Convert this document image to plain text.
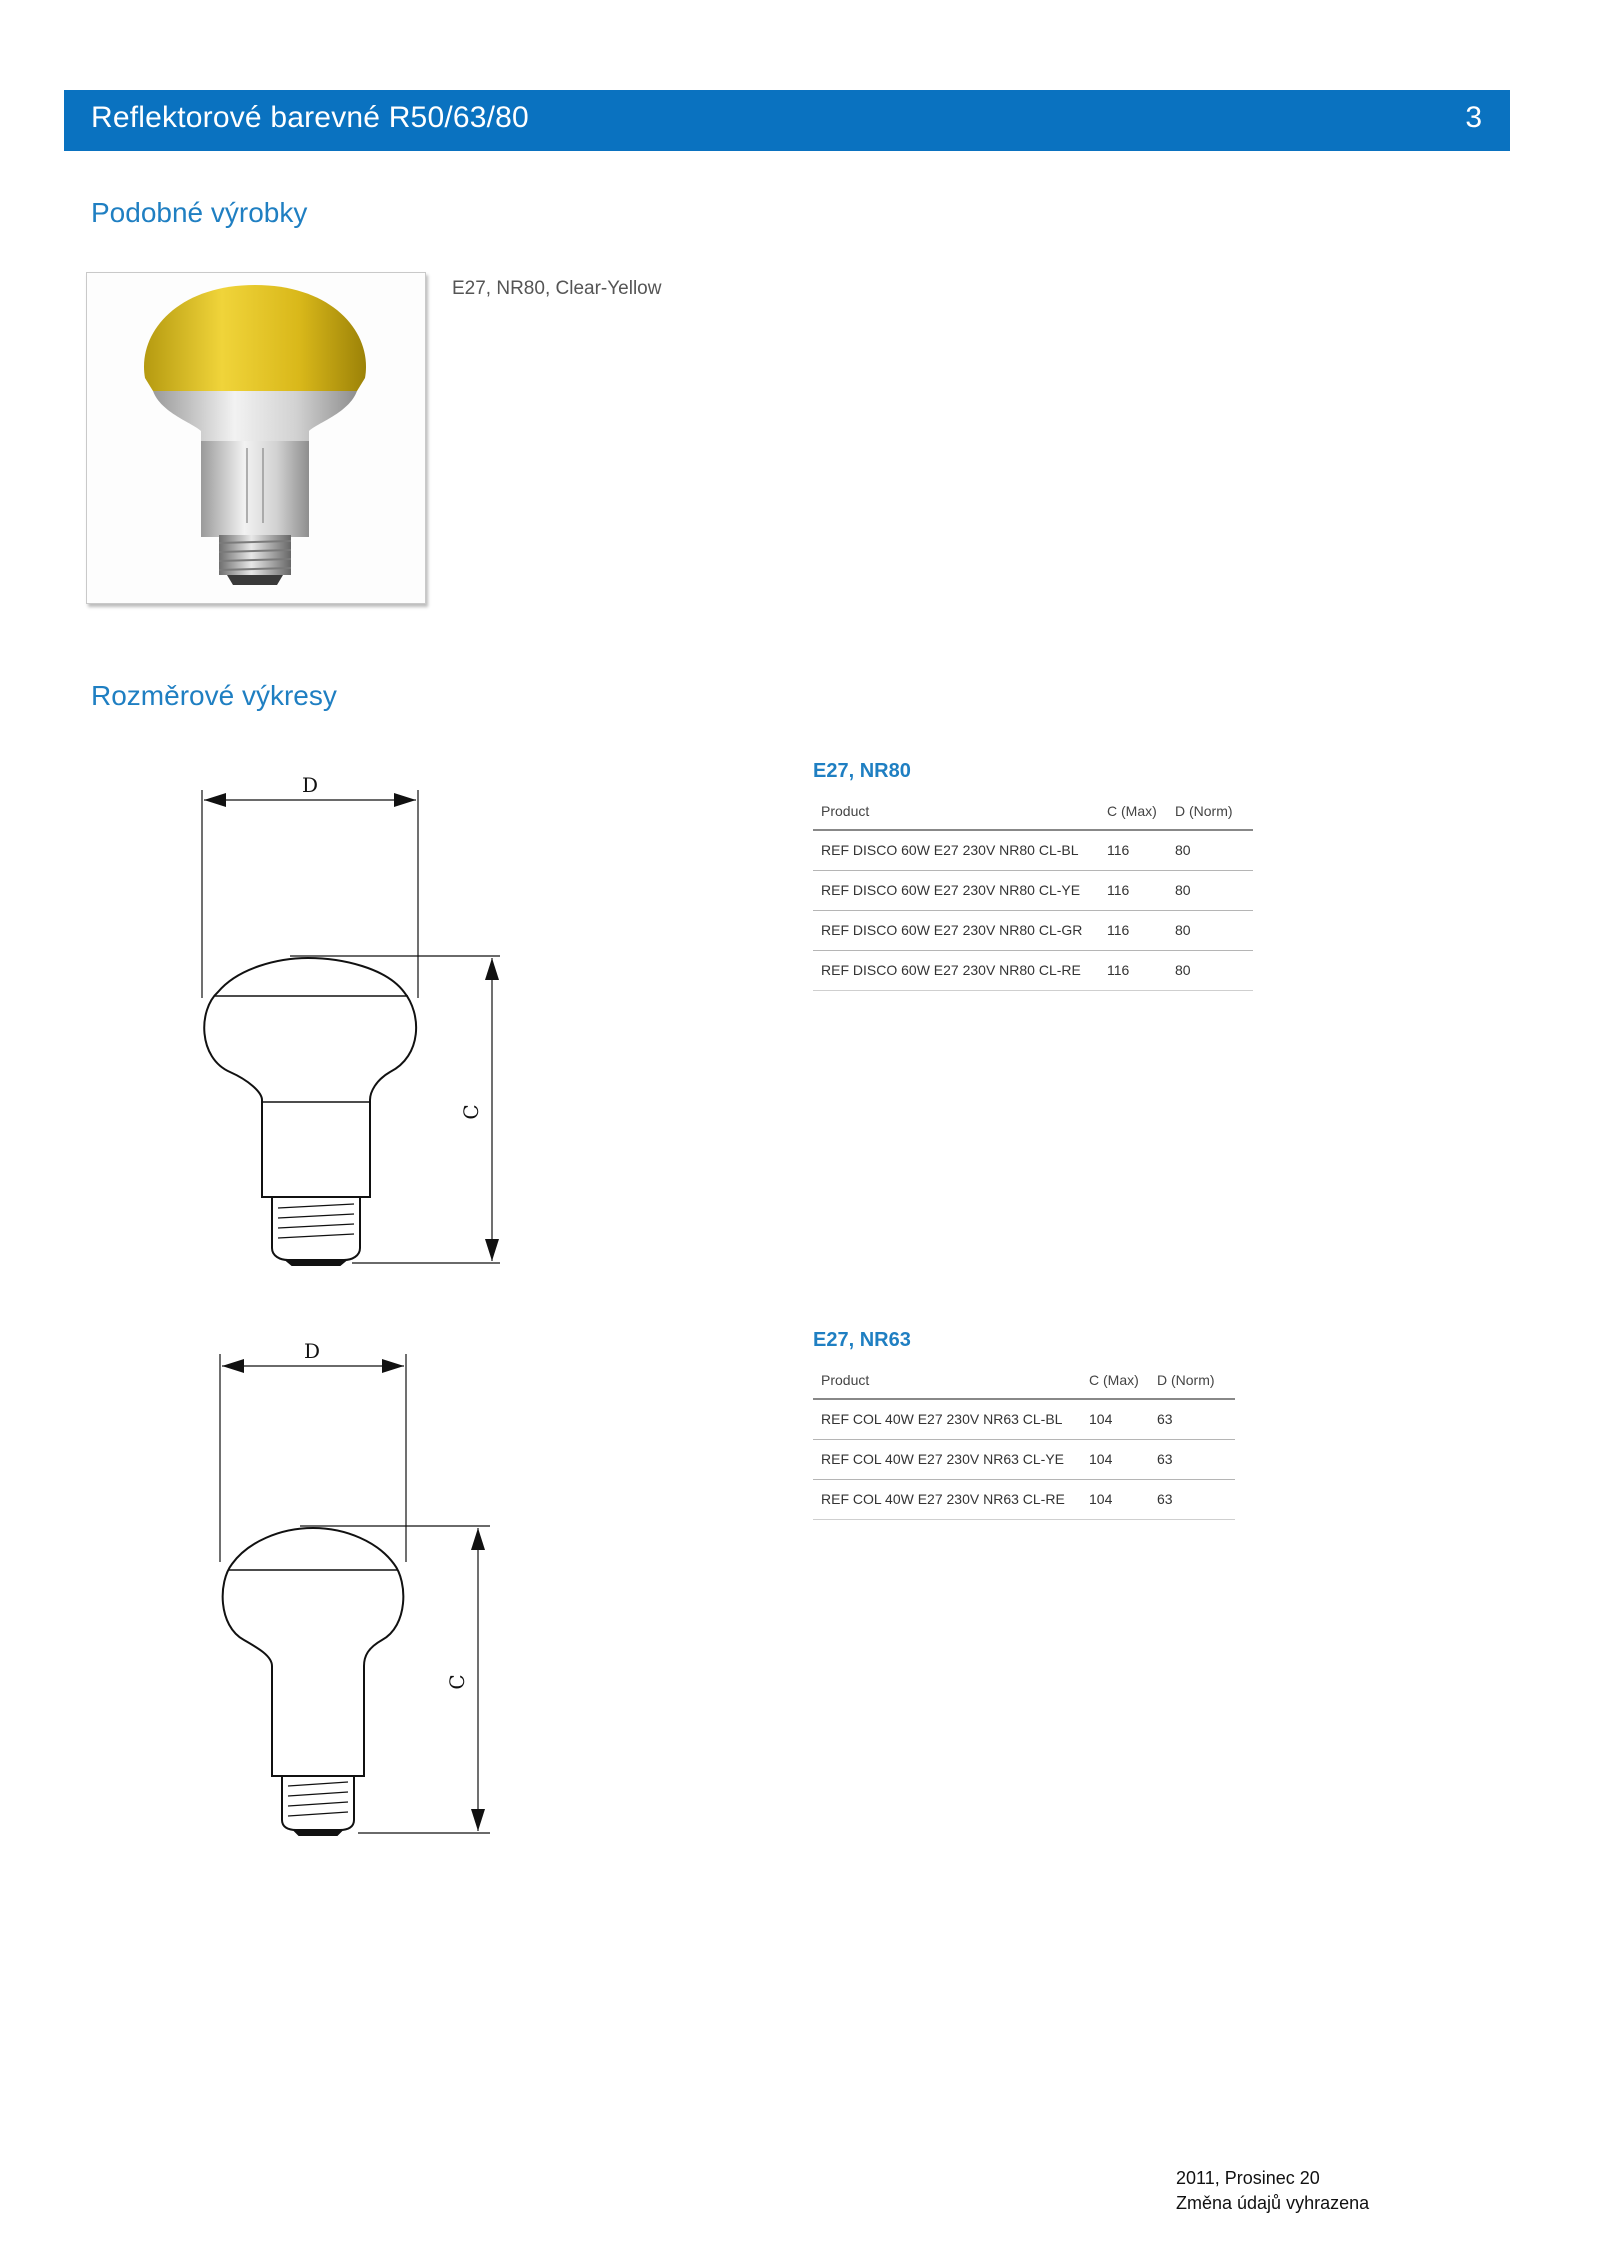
Reflektorové barevné R50/63/80	3
Podobné výrobky
E27, NR80, Clear-Yellow
Rozměrové výkresy
D
C
D
C
E27, NR80
Product	C (Max)	D (Norm)
REF DISCO 60W E27 230V NR80 CL-BL	116	80
REF DISCO 60W E27 230V NR80 CL-YE	116	80
REF DISCO 60W E27 230V NR80 CL-GR	116	80
REF DISCO 60W E27 230V NR80 CL-RE	116	80
E27, NR63
Product	C (Max)	D (Norm)
REF COL 40W E27 230V NR63 CL-BL	104	63
REF COL 40W E27 230V NR63 CL-YE	104	63
REF COL 40W E27 230V NR63 CL-RE	104	63
2011, Prosinec 20
Změna údajů vyhrazena
